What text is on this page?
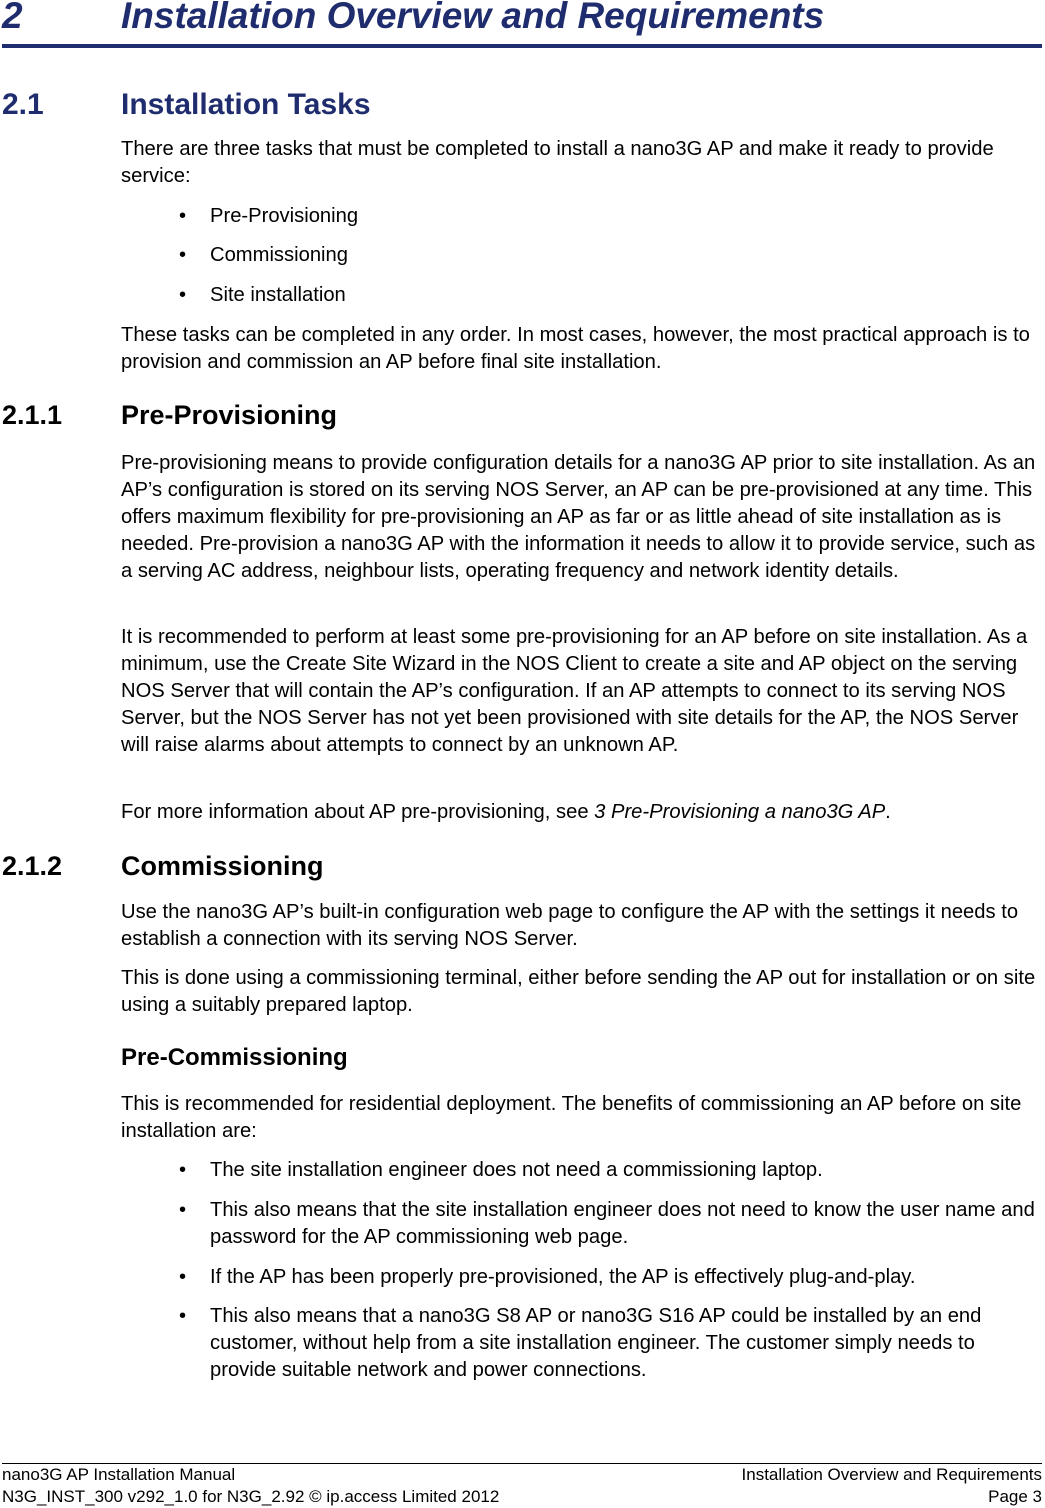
2	Installation Overview and Requirements
2.1	Installation Tasks

There are three tasks that must be completed to install a nano3G AP and make it ready to provide service:

• Pre-Provisioning
• Commissioning
• Site installation

These tasks can be completed in any order. In most cases, however, the most practical approach is to provision and commission an AP before final site installation.

2.1.1 Pre-Provisioning

Pre-provisioning means to provide configuration details for a nano3G AP prior to site installation. As an AP’s configuration is stored on its serving NOS Server, an AP can be pre-provisioned at any time. This offers maximum flexibility for pre-provisioning an AP as far or as little ahead of site installation as is needed. Pre-provision a nano3G AP with the information it needs to allow it to provide service, such as a serving AC address, neighbour lists, operating frequency and network identity details.

It is recommended to perform at least some pre-provisioning for an AP before on site installation. As a minimum, use the Create Site Wizard in the NOS Client to create a site and AP object on the serving NOS Server that will contain the AP’s configuration. If an AP attempts to connect to its serving NOS Server, but the NOS Server has not yet been provisioned with site details for the AP, the NOS Server will raise alarms about attempts to connect by an unknown AP.

For more information about AP pre-provisioning, see 3 Pre-Provisioning a nano3G AP.

2.1.2 Commissioning

Use the nano3G AP’s built-in configuration web page to configure the AP with the settings it needs to establish a connection with its serving NOS Server.

This is done using a commissioning terminal, either before sending the AP out for installation or on site using a suitably prepared laptop.

Pre-Commissioning

This is recommended for residential deployment. The benefits of commissioning an AP before on site installation are:

• The site installation engineer does not need a commissioning laptop.
• This also means that the site installation engineer does not need to know the user name and password for the AP commissioning web page.
• If the AP has been properly pre-provisioned, the AP is effectively plug-and-play.
• This also means that a nano3G S8 AP or nano3G S16 AP could be installed by an end customer, without help from a site installation engineer. The customer simply needs to provide suitable network and power connections.
nano3G AP Installation Manual
N3G_INST_300 v292_1.0 for N3G_2.92 © ip.access Limited 2012
Installation Overview and Requirements
Page 3
